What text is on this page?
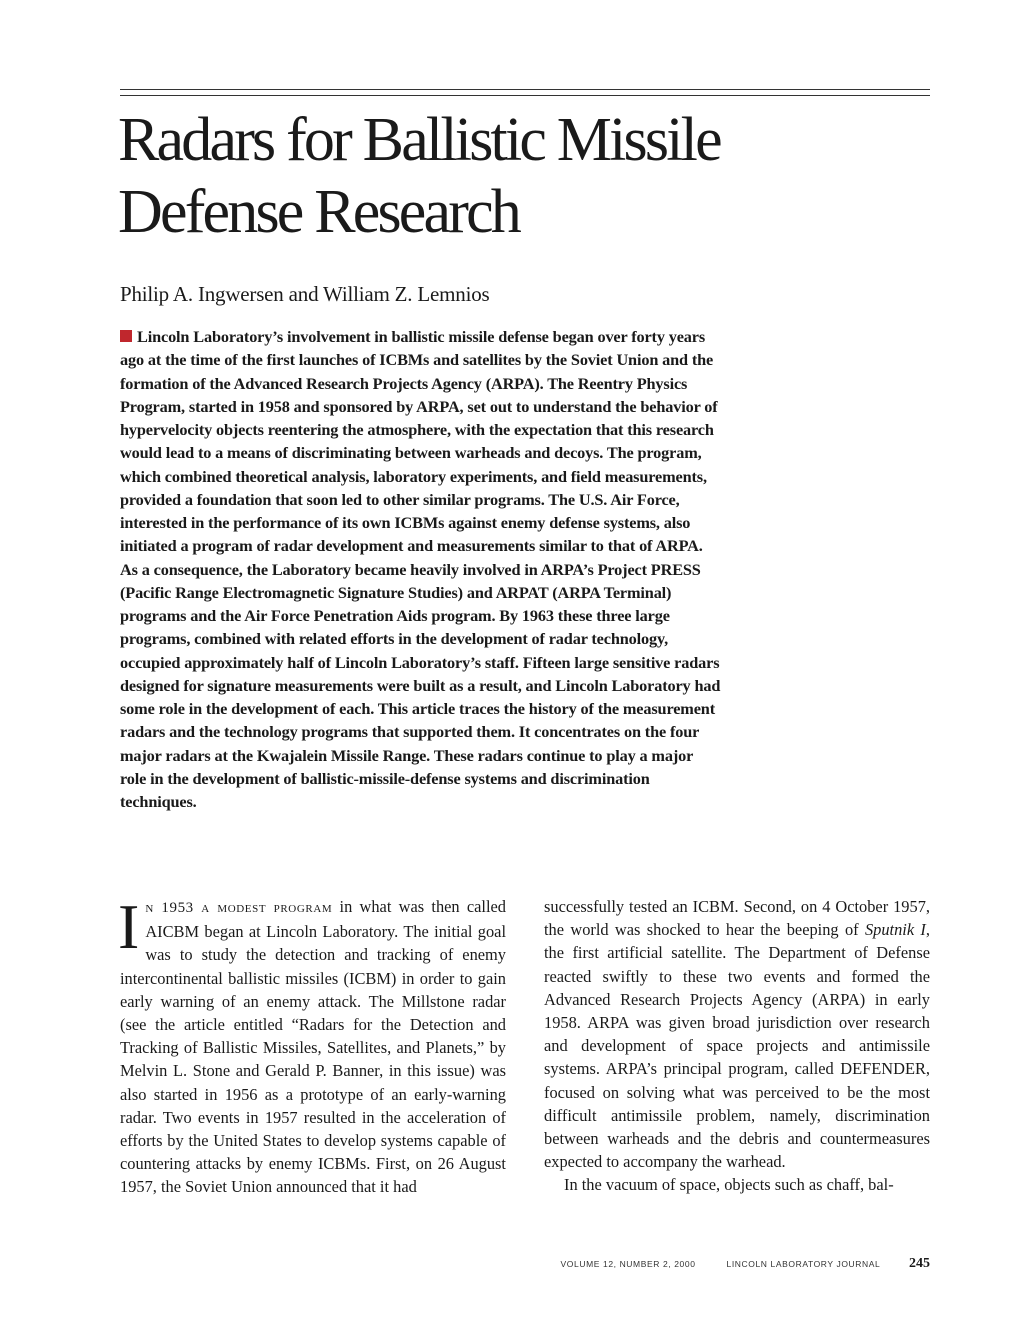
Radars for Ballistic Missile
Defense Research
Philip A. Ingwersen and William Z. Lemnios
Lincoln Laboratory’s involvement in ballistic missile defense began over forty years ago at the time of the first launches of ICBMs and satellites by the Soviet Union and the formation of the Advanced Research Projects Agency (ARPA). The Reentry Physics Program, started in 1958 and sponsored by ARPA, set out to understand the behavior of hypervelocity objects reentering the atmosphere, with the expectation that this research would lead to a means of discriminating between warheads and decoys. The program, which combined theoretical analysis, laboratory experiments, and field measurements, provided a foundation that soon led to other similar programs. The U.S. Air Force, interested in the performance of its own ICBMs against enemy defense systems, also initiated a program of radar development and measurements similar to that of ARPA. As a consequence, the Laboratory became heavily involved in ARPA’s Project PRESS (Pacific Range Electromagnetic Signature Studies) and ARPAT (ARPA Terminal) programs and the Air Force Penetration Aids program. By 1963 these three large programs, combined with related efforts in the development of radar technology, occupied approximately half of Lincoln Laboratory’s staff. Fifteen large sensitive radars designed for signature measurements were built as a result, and Lincoln Laboratory had some role in the development of each. This article traces the history of the measurement radars and the technology programs that supported them. It concentrates on the four major radars at the Kwajalein Missile Range. These radars continue to play a major role in the development of ballistic-missile-defense systems and discrimination techniques.

In 1953 a modest program in what was then called AICBM began at Lincoln Laboratory. The initial goal was to study the detection and tracking of enemy intercontinental ballistic missiles (ICBM) in order to gain early warning of an enemy attack. The Millstone radar (see the article entitled “Radars for the Detection and Tracking of Ballistic Missiles, Satellites, and Planets,” by Melvin L. Stone and Gerald P. Banner, in this issue) was also started in 1956 as a prototype of an early-warning radar. Two events in 1957 resulted in the acceleration of efforts by the United States to develop systems capable of countering attacks by enemy ICBMs. First, on 26 August 1957, the Soviet Union announced that it had

successfully tested an ICBM. Second, on 4 October 1957, the world was shocked to hear the beeping of Sputnik I, the first artificial satellite. The Department of Defense reacted swiftly to these two events and formed the Advanced Research Projects Agency (ARPA) in early 1958. ARPA was given broad jurisdiction over research and development of space projects and antimissile systems. ARPA’s principal program, called DEFENDER, focused on solving what was perceived to be the most difficult antimissile problem, namely, discrimination between warheads and the debris and countermeasures expected to accompany the warhead.

In the vacuum of space, objects such as chaff, bal-

VOLUME 12, NUMBER 2, 2000	LINCOLN LABORATORY JOURNAL 245
